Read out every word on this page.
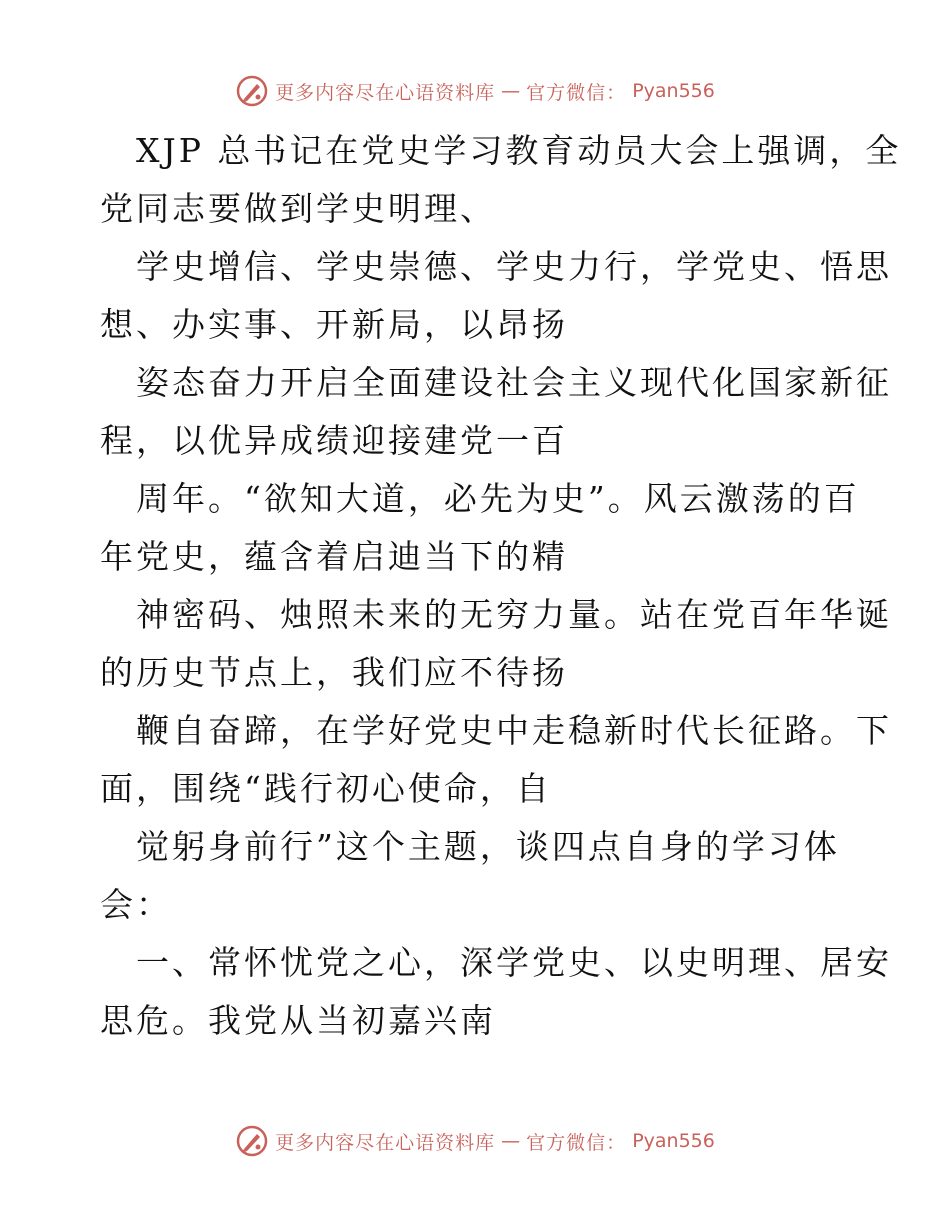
更多内容尽在心语资料库 — 官方微信： Pyan556

XJP 总书记在党史学习教育动员大会上强调，全
党同志要做到学史明理、

学史增信、学史崇德、学史力行，学党史、悟思
想、办实事、开新局，以昂扬

姿态奋力开启全面建设社会主义现代化国家新征
程，以优异成绩迎接建党一百

周年。“欲知大道，必先为史”。风云激荡的百
年党史，蕴含着启迪当下的精

神密码、烛照未来的无穷力量。站在党百年华诞
的历史节点上，我们应不待扬

鞭自奋蹄，在学好党史中走稳新时代长征路。下
面，围绕“践行初心使命，自

觉躬身前行”这个主题，谈四点自身的学习体
会：

一、常怀忧党之心，深学党史、以史明理、居安
思危。我党从当初嘉兴南

更多内容尽在心语资料库 — 官方微信： Pyan556
